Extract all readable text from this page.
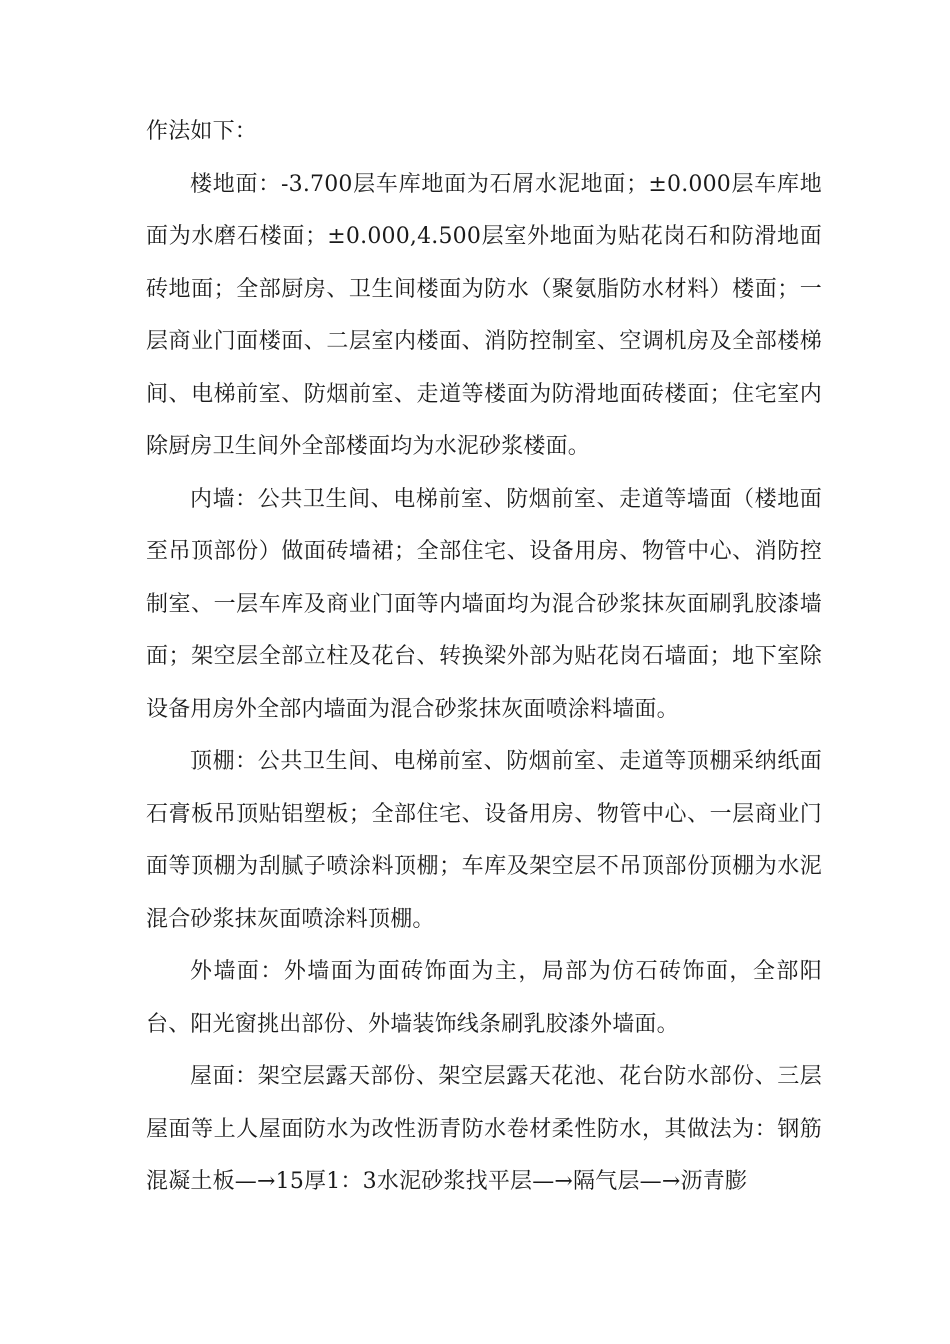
作法如下：

楼地面：-3.700层车库地面为石屑水泥地面；±0.000层车库地面为水磨石楼面；±0.000,4.500层室外地面为贴花岗石和防滑地面砖地面；全部厨房、卫生间楼面为防水（聚氨脂防水材料）楼面；一层商业门面楼面、二层室内楼面、消防控制室、空调机房及全部楼梯间、电梯前室、防烟前室、走道等楼面为防滑地面砖楼面；住宅室内除厨房卫生间外全部楼面均为水泥砂浆楼面。

内墙：公共卫生间、电梯前室、防烟前室、走道等墙面（楼地面至吊顶部份）做面砖墙裙；全部住宅、设备用房、物管中心、消防控制室、一层车库及商业门面等内墙面均为混合砂浆抹灰面刷乳胶漆墙面；架空层全部立柱及花台、转换梁外部为贴花岗石墙面；地下室除设备用房外全部内墙面为混合砂浆抹灰面喷涂料墙面。

顶棚：公共卫生间、电梯前室、防烟前室、走道等顶棚采纳纸面石膏板吊顶贴铝塑板；全部住宅、设备用房、物管中心、一层商业门面等顶棚为刮腻子喷涂料顶棚；车库及架空层不吊顶部份顶棚为水泥混合砂浆抹灰面喷涂料顶棚。

外墙面：外墙面为面砖饰面为主，局部为仿石砖饰面，全部阳台、阳光窗挑出部份、外墙装饰线条刷乳胶漆外墙面。

屋面：架空层露天部份、架空层露天花池、花台防水部份、三层屋面等上人屋面防水为改性沥青防水卷材柔性防水，其做法为：钢筋混凝土板—→15厚1：3水泥砂浆找平层—→隔气层—→沥青膨
